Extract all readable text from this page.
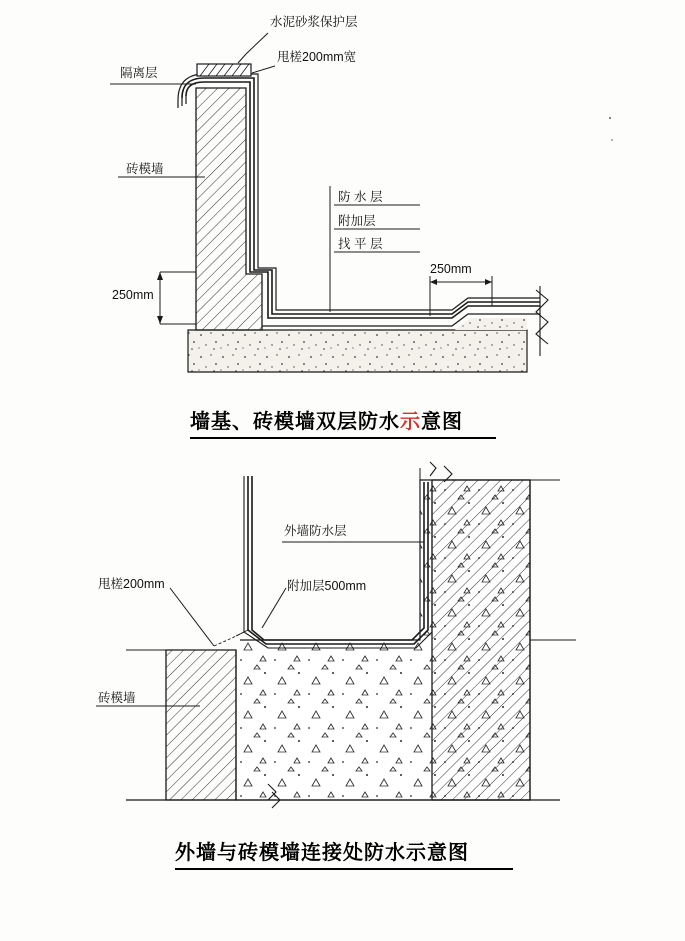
水泥砂浆保护层
甩槎200mm宽
隔离层
砖模墙
防 水 层
附加层
找 平 层
250mm
250mm
墙基、砖模墙双层防水示意图
外墙防水层
甩槎200mm	附加层500mm
砖模墙
外墙与砖模墙连接处防水示意图
